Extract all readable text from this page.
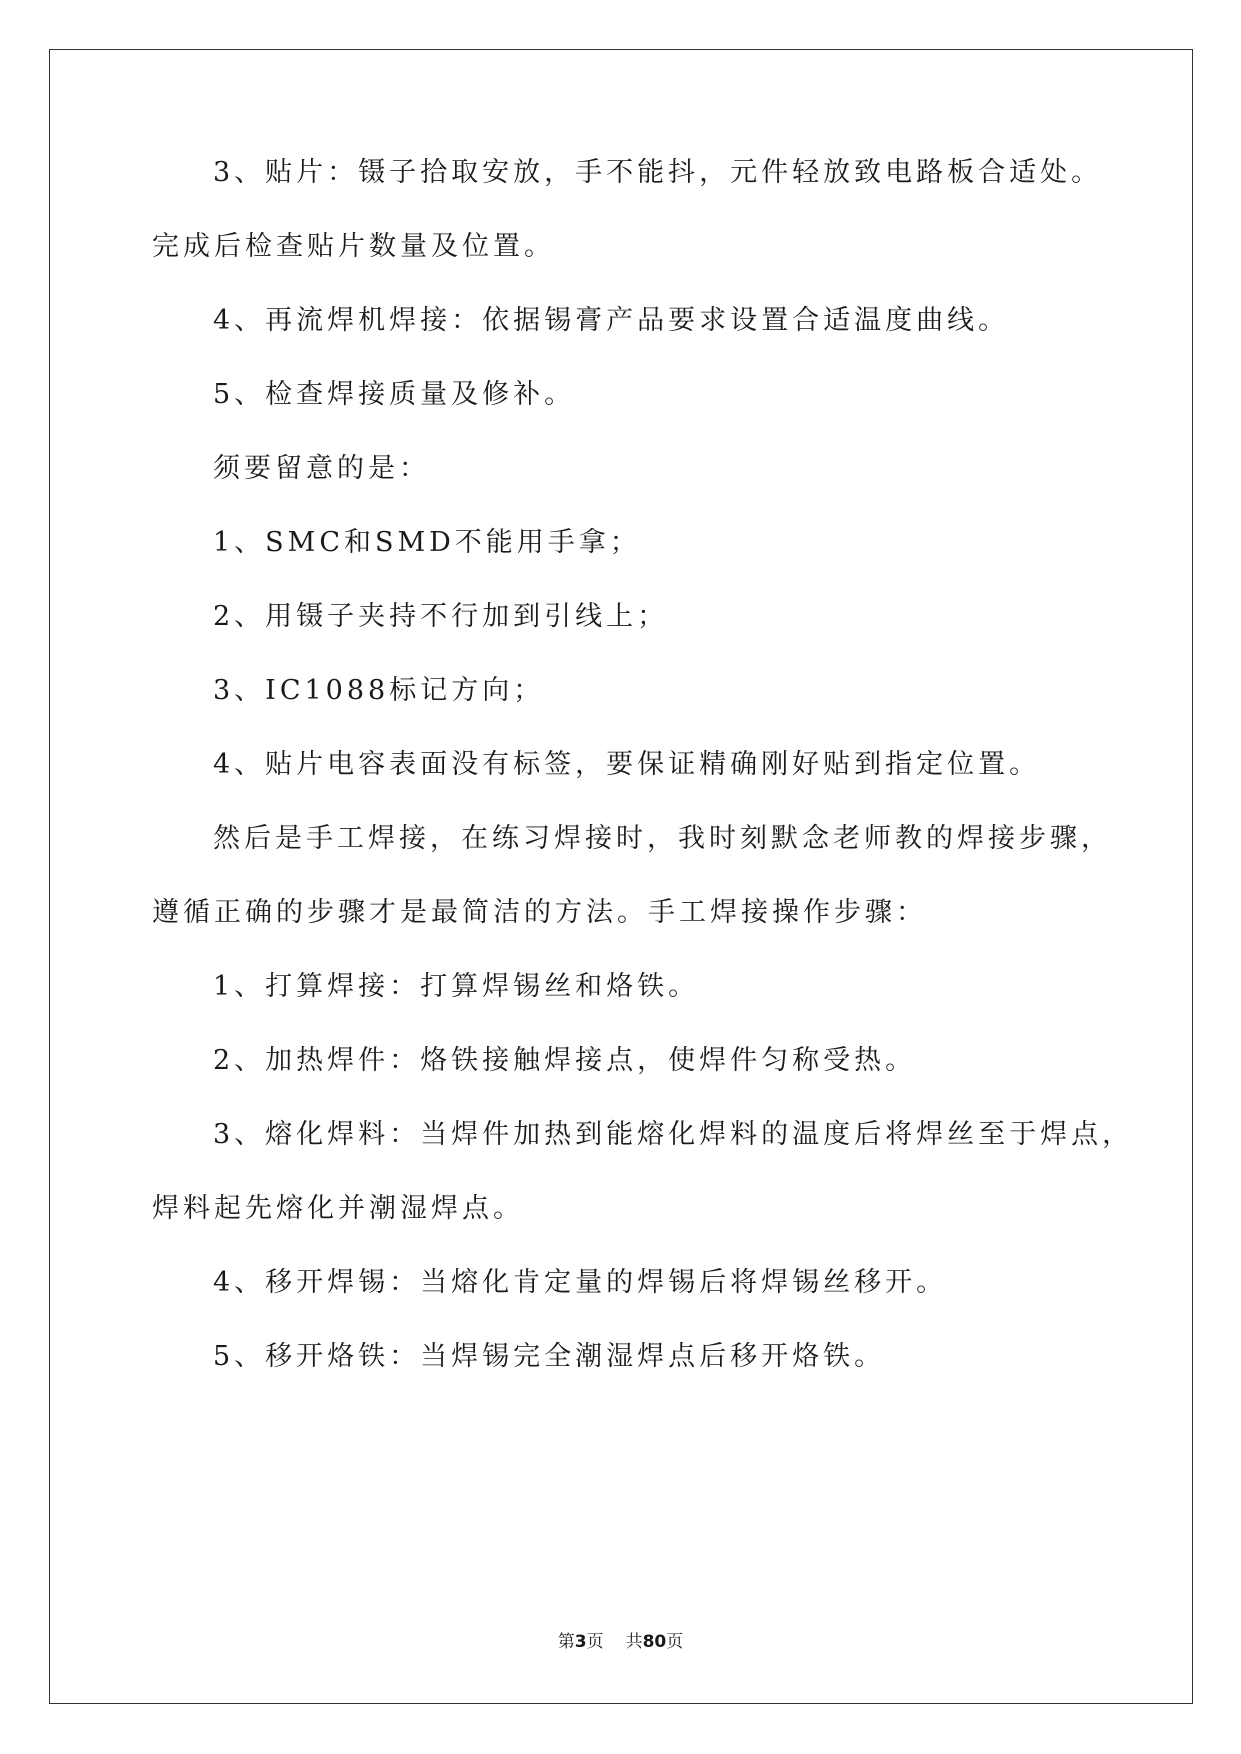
3、贴片：镊子拾取安放，手不能抖，元件轻放致电路板合适处。
完成后检查贴片数量及位置。
4、再流焊机焊接：依据锡膏产品要求设置合适温度曲线。
5、检查焊接质量及修补。
须要留意的是：
1、SMC和SMD不能用手拿；
2、用镊子夹持不行加到引线上；
3、IC1088标记方向；
4、贴片电容表面没有标签，要保证精确刚好贴到指定位置。
然后是手工焊接，在练习焊接时，我时刻默念老师教的焊接步骤，
遵循正确的步骤才是最简洁的方法。手工焊接操作步骤：
1、打算焊接：打算焊锡丝和烙铁。
2、加热焊件：烙铁接触焊接点，使焊件匀称受热。
3、熔化焊料：当焊件加热到能熔化焊料的温度后将焊丝至于焊点，
焊料起先熔化并潮湿焊点。
4、移开焊锡：当熔化肯定量的焊锡后将焊锡丝移开。
5、移开烙铁：当焊锡完全潮湿焊点后移开烙铁。
第3页 共80页
